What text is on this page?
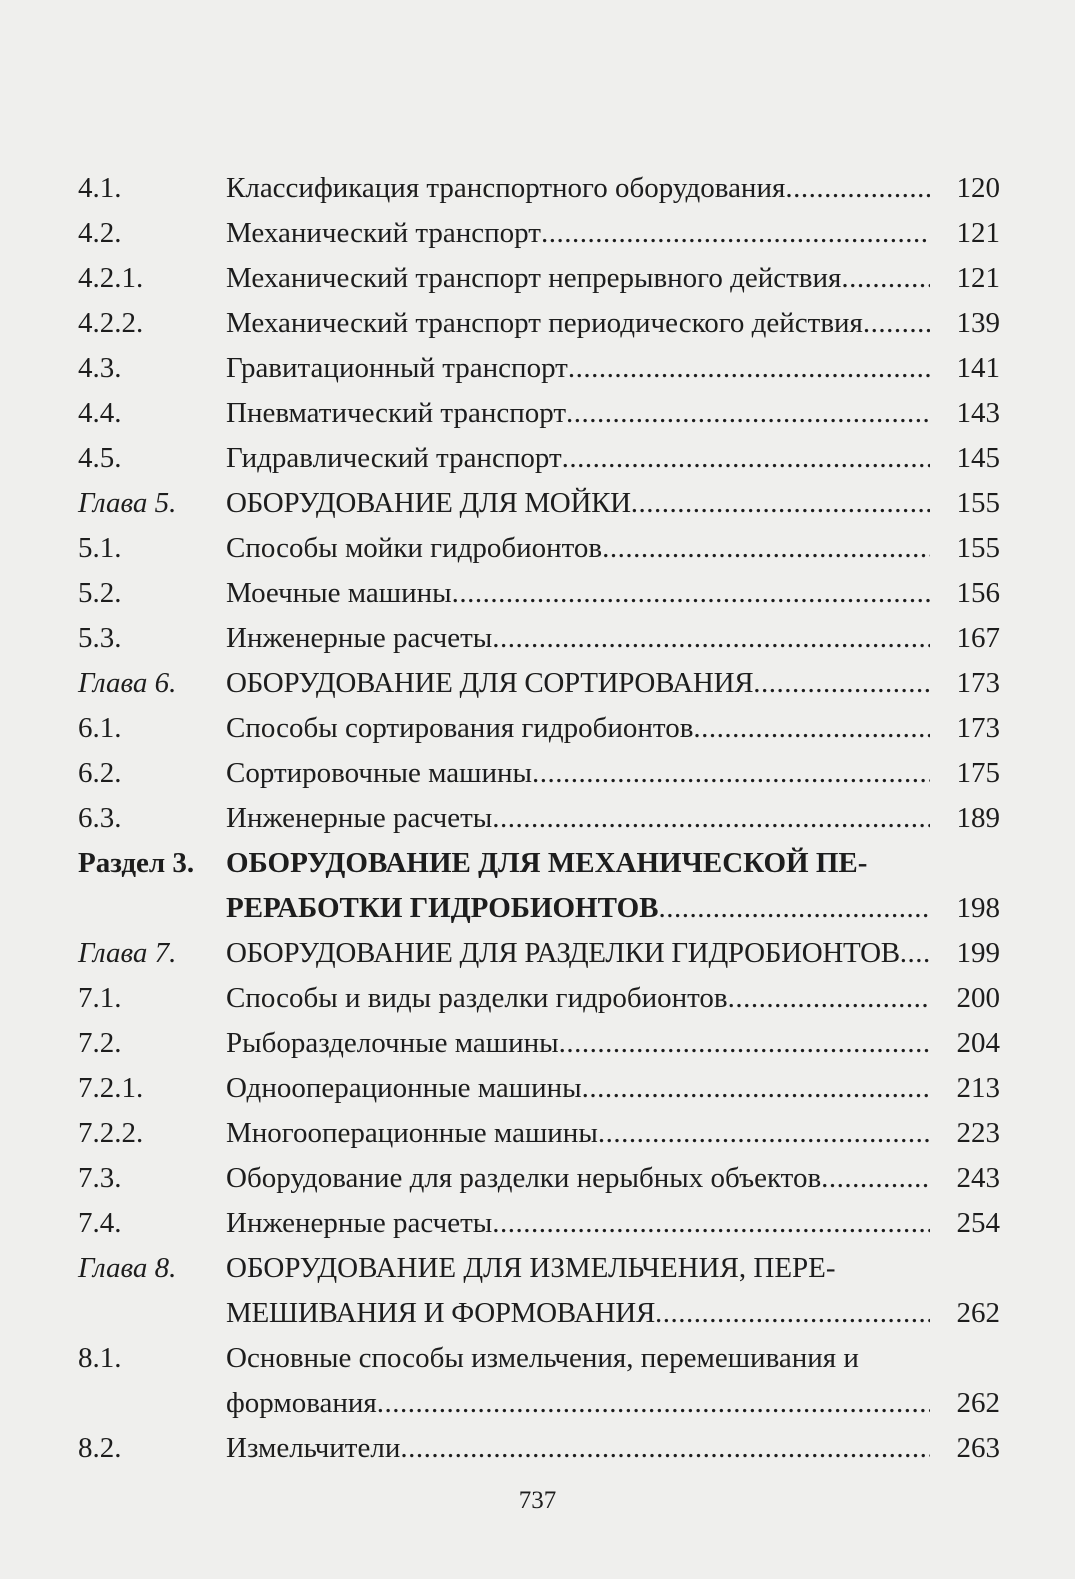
4.1.	Классификация транспортного оборудования .....	120
4.2.	Механический транспорт .....	121
4.2.1.	Механический транспорт непрерывного действия .....	121
4.2.2.	Механический транспорт периодического действия .....	139
4.3.	Гравитационный транспорт .....	141
4.4.	Пневматический транспорт .....	143
4.5.	Гидравлический транспорт .....	145
Глава 5.	ОБОРУДОВАНИЕ ДЛЯ МОЙКИ .....	155
5.1.	Способы мойки гидробионтов .....	155
5.2.	Моечные машины .....	156
5.3.	Инженерные расчеты .....	167
Глава 6.	ОБОРУДОВАНИЕ ДЛЯ СОРТИРОВАНИЯ .....	173
6.1.	Способы сортирования гидробионтов .....	173
6.2.	Сортировочные машины .....	175
6.3.	Инженерные расчеты .....	189
Раздел 3.	ОБОРУДОВАНИЕ ДЛЯ МЕХАНИЧЕСКОЙ ПЕ-
РЕРАБОТКИ ГИДРОБИОНТОВ .....	198
Глава 7.	ОБОРУДОВАНИЕ ДЛЯ РАЗДЕЛКИ ГИДРОБИОНТОВ .....	199
7.1.	Способы и виды разделки гидробионтов .....	200
7.2.	Рыборазделочные машины .....	204
7.2.1.	Однооперационные машины .....	213
7.2.2.	Многооперационные машины .....	223
7.3.	Оборудование для разделки нерыбных объектов .....	243
7.4.	Инженерные расчеты .....	254
Глава 8.	ОБОРУДОВАНИЕ ДЛЯ ИЗМЕЛЬЧЕНИЯ, ПЕРЕ-
МЕШИВАНИЯ И ФОРМОВАНИЯ .....	262
8.1.	Основные способы измельчения, перемешивания и
формования .....	262
8.2.	Измельчители .....	263
737
